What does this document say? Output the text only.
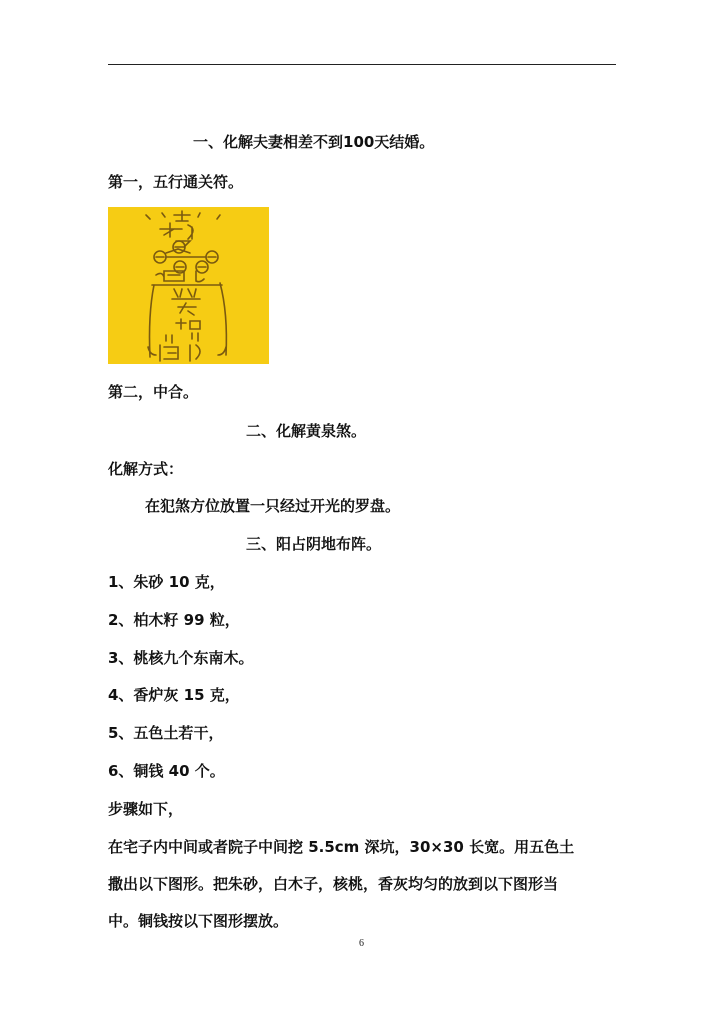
一、化解夫妻相差不到100天结婚。
第一，五行通关符。
第二，中合。
二、化解黄泉煞。
化解方式：
在犯煞方位放置一只经过开光的罗盘。
三、阳占阴地布阵。
1、朱砂 10 克，
2、柏木籽 99 粒，
3、桃核九个东南木。
4、香炉灰 15 克，
5、五色土若干，
6、铜钱 40 个。
步骤如下，
在宅子内中间或者院子中间挖 5.5cm 深坑，30×30 长宽。用五色土
撒出以下图形。把朱砂，白木子，核桃，香灰均匀的放到以下图形当
中。铜钱按以下图形摆放。
6
